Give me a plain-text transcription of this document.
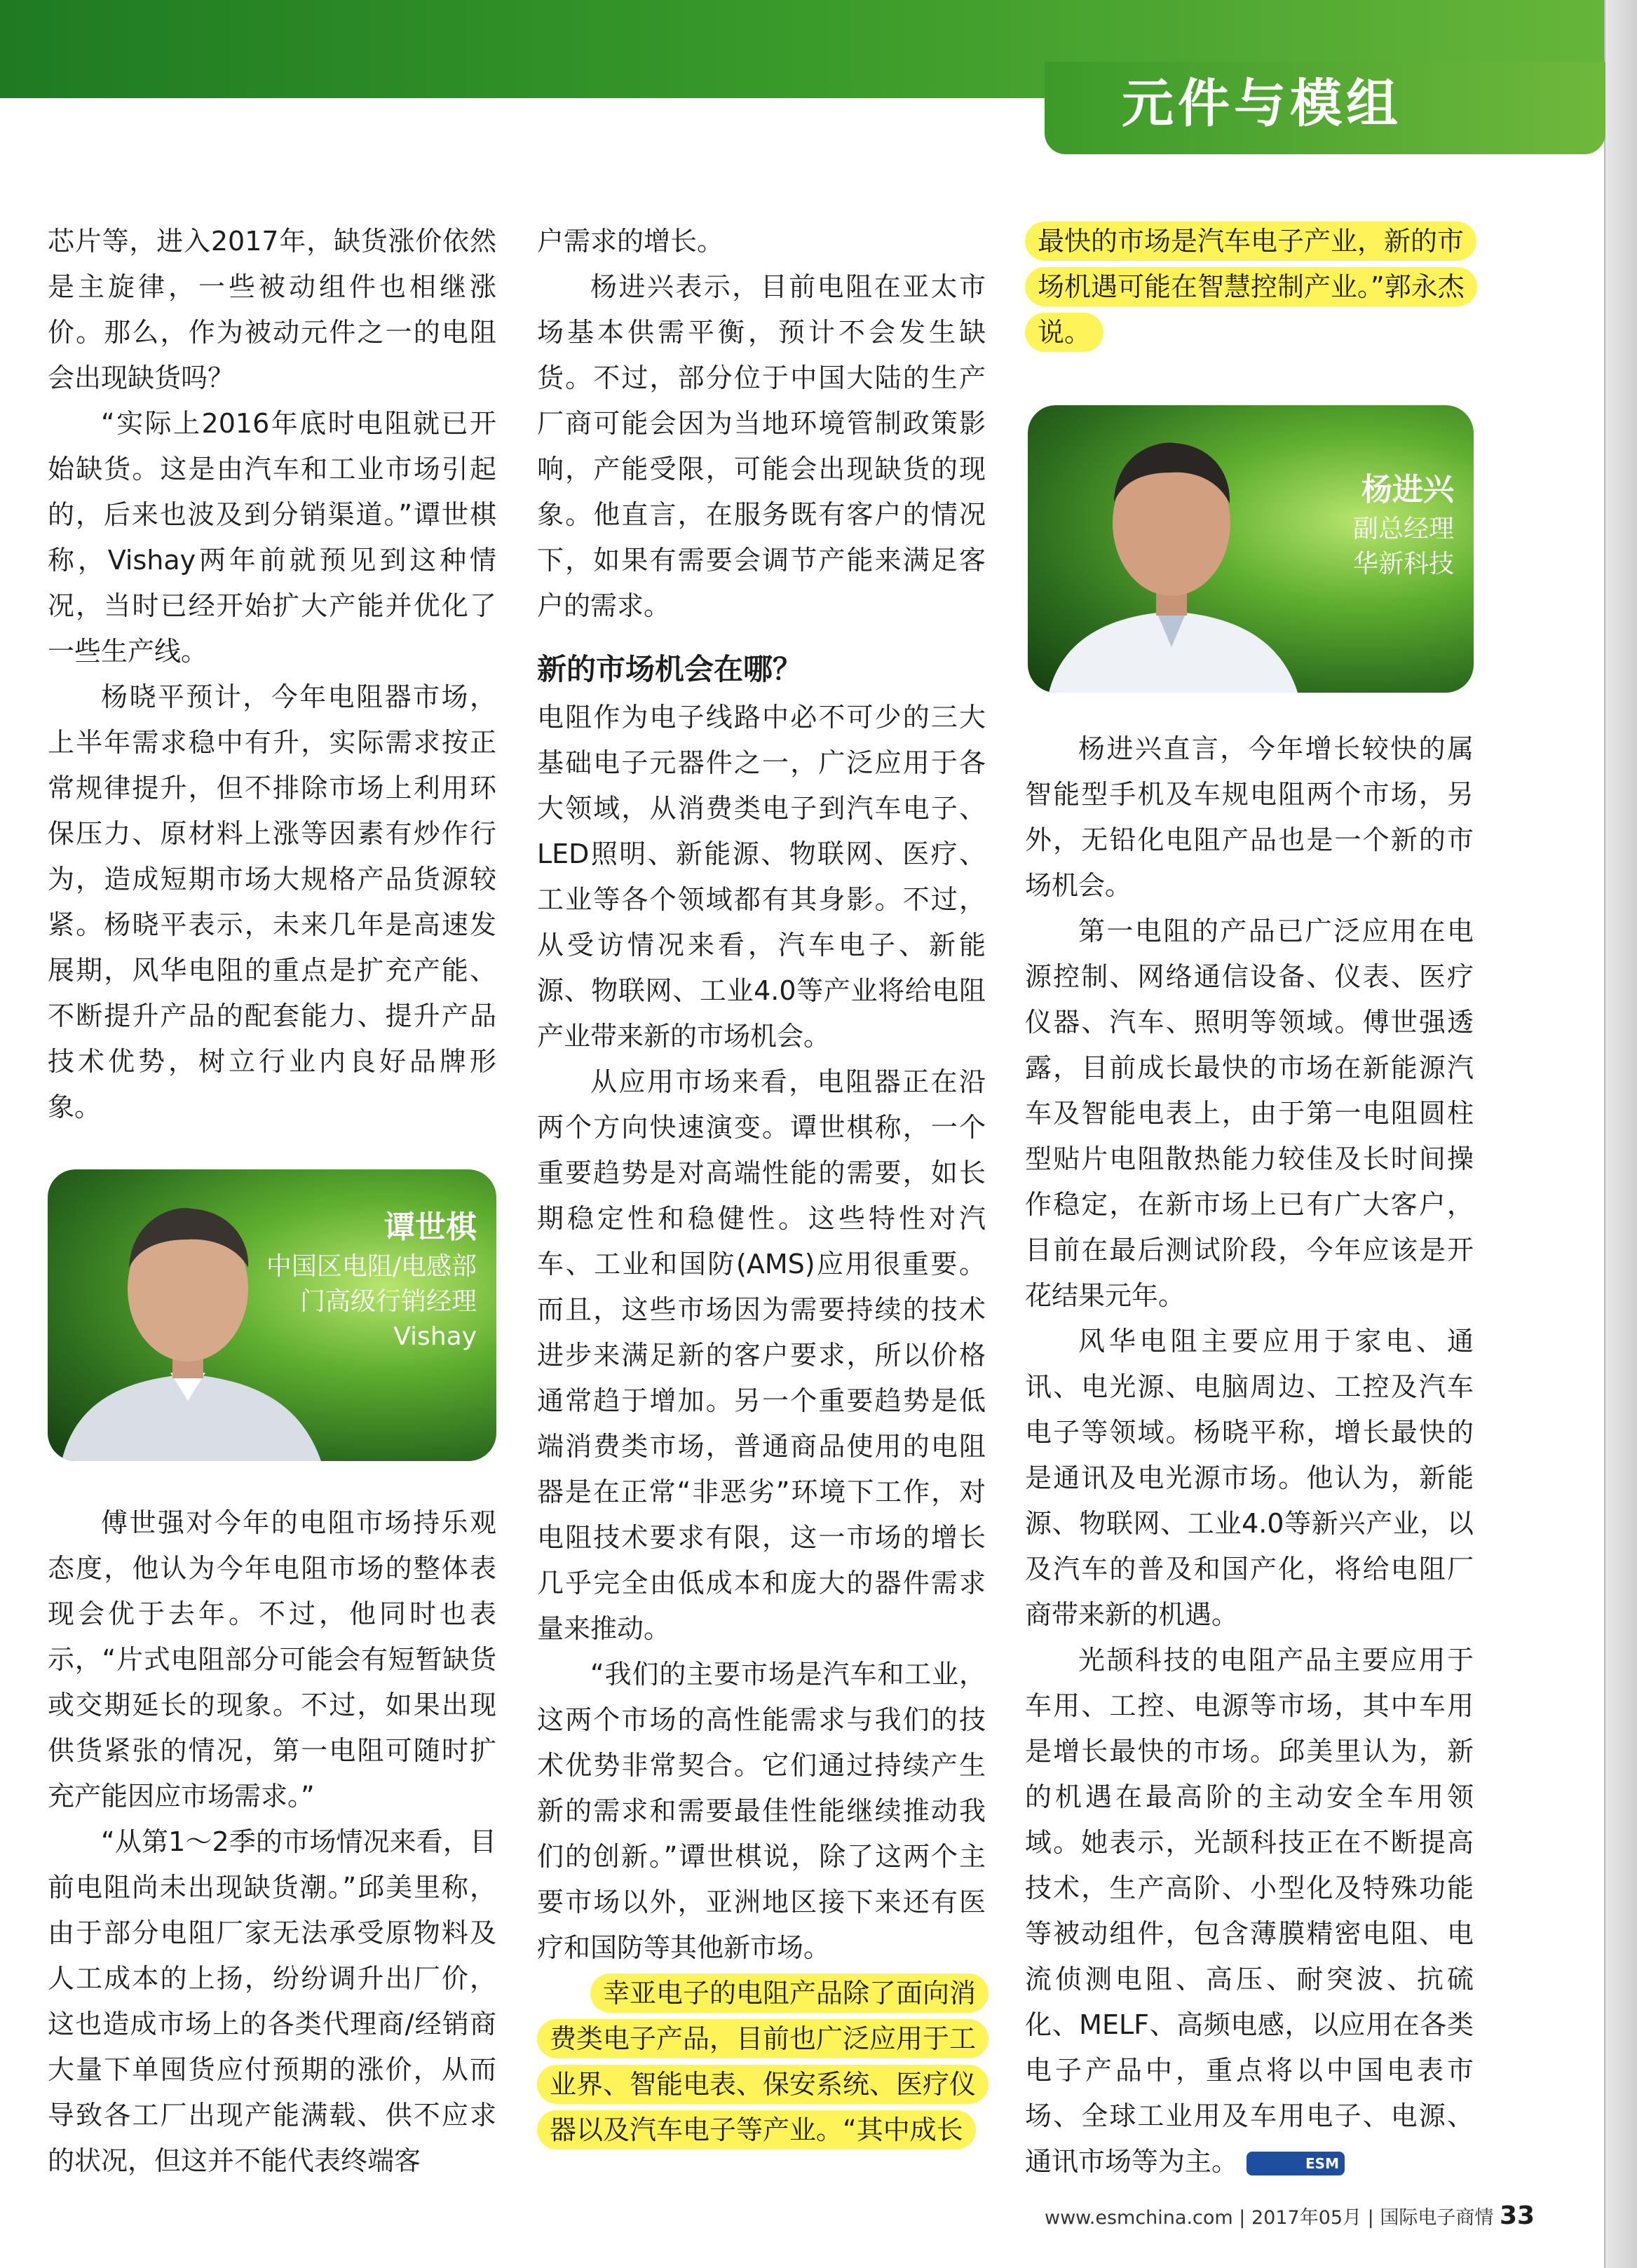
元件与模组

芯片等，进入2017年，缺货涨价依然是主旋律，一些被动组件也相继涨价。那么，作为被动元件之一的电阻会出现缺货吗？

“实际上2016年底时电阻就已开始缺货。这是由汽车和工业市场引起的，后来也波及到分销渠道。”谭世棋称，Vishay两年前就预见到这种情况，当时已经开始扩大产能并优化了一些生产线。

杨晓平预计，今年电阻器市场，上半年需求稳中有升，实际需求按正常规律提升，但不排除市场上利用环保压力、原材料上涨等因素有炒作行为，造成短期市场大规格产品货源较紧。杨晓平表示，未来几年是高速发展期，风华电阻的重点是扩充产能、不断提升产品的配套能力、提升产品技术优势，树立行业内良好品牌形象。

谭世棋
中国区电阻/电感部
门高级行销经理
Vishay

傅世强对今年的电阻市场持乐观态度，他认为今年电阻市场的整体表现会优于去年。不过，他同时也表示，“片式电阻部分可能会有短暂缺货或交期延长的现象。不过，如果出现供货紧张的情况，第一电阻可随时扩充产能因应市场需求。”

“从第1～2季的市场情况来看，目前电阻尚未出现缺货潮。”邱美里称，由于部分电阻厂家无法承受原物料及人工成本的上扬，纷纷调升出厂价，这也造成市场上的各类代理商/经销商大量下单囤货应付预期的涨价，从而导致各工厂出现产能满载、供不应求的状况，但这并不能代表终端客

户需求的增长。

杨进兴表示，目前电阻在亚太市场基本供需平衡，预计不会发生缺货。不过，部分位于中国大陆的生产厂商可能会因为当地环境管制政策影响，产能受限，可能会出现缺货的现象。他直言，在服务既有客户的情况下，如果有需要会调节产能来满足客户的需求。

新的市场机会在哪？

电阻作为电子线路中必不可少的三大基础电子元器件之一，广泛应用于各大领域，从消费类电子到汽车电子、LED照明、新能源、物联网、医疗、工业等各个领域都有其身影。不过，从受访情况来看，汽车电子、新能源、物联网、工业4.0等产业将给电阻产业带来新的市场机会。

从应用市场来看，电阻器正在沿两个方向快速演变。谭世棋称，一个重要趋势是对高端性能的需要，如长期稳定性和稳健性。这些特性对汽车、工业和国防(AMS)应用很重要。而且，这些市场因为需要持续的技术进步来满足新的客户要求，所以价格通常趋于增加。另一个重要趋势是低端消费类市场，普通商品使用的电阻器是在正常“非恶劣”环境下工作，对电阻技术要求有限，这一市场的增长几乎完全由低成本和庞大的器件需求量来推动。

“我们的主要市场是汽车和工业，这两个市场的高性能需求与我们的技术优势非常契合。它们通过持续产生新的需求和需要最佳性能继续推动我们的创新。”谭世棋说，除了这两个主要市场以外，亚洲地区接下来还有医疗和国防等其他新市场。

幸亚电子的电阻产品除了面向消费类电子产品，目前也广泛应用于工业界、智能电表、保安系统、医疗仪器以及汽车电子等产业。“其中成长

最快的市场是汽车电子产业，新的市场机遇可能在智慧控制产业。”郭永杰说。

杨进兴
副总经理
华新科技

杨进兴直言，今年增长较快的属智能型手机及车规电阻两个市场，另外，无铅化电阻产品也是一个新的市场机会。

第一电阻的产品已广泛应用在电源控制、网络通信设备、仪表、医疗仪器、汽车、照明等领域。傅世强透露，目前成长最快的市场在新能源汽车及智能电表上，由于第一电阻圆柱型贴片电阻散热能力较佳及长时间操作稳定，在新市场上已有广大客户，目前在最后测试阶段，今年应该是开花结果元年。

风华电阻主要应用于家电、通讯、电光源、电脑周边、工控及汽车电子等领域。杨晓平称，增长最快的是通讯及电光源市场。他认为，新能源、物联网、工业4.0等新兴产业，以及汽车的普及和国产化，将给电阻厂商带来新的机遇。

光颉科技的电阻产品主要应用于车用、工控、电源等市场，其中车用是增长最快的市场。邱美里认为，新的机遇在最高阶的主动安全车用领域。她表示，光颉科技正在不断提高技术，生产高阶、小型化及特殊功能等被动组件，包含薄膜精密电阻、电流侦测电阻、高压、耐突波、抗硫化、MELF、高频电感，以应用在各类电子产品中，重点将以中国电表市场、全球工业用及车用电子、电源、通讯市场等为主。	ESM

www.esmchina.com | 2017年05月 | 国际电子商情 33
